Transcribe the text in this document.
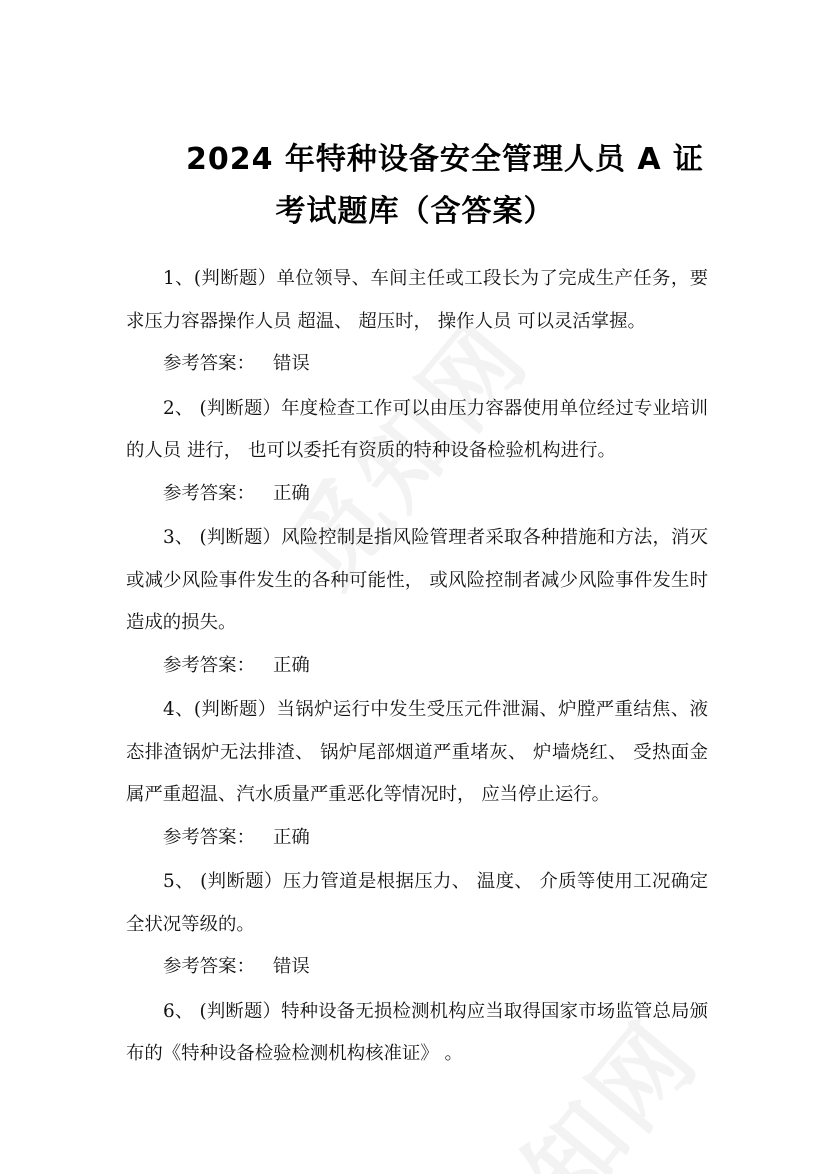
2024 年特种设备安全管理人员 A 证
考试题库（含答案）

1、(判断题）单位领导、车间主任或工段长为了完成生产任务，要求压力容器操作人员 超温、 超压时， 操作人员 可以灵活掌握。

参考答案： 错误

2、 (判断题）年度检查工作可以由压力容器使用单位经过专业培训的人员 进行， 也可以委托有资质的特种设备检验机构进行。

参考答案： 正确

3、 (判断题）风险控制是指风险管理者采取各种措施和方法，消灭或减少风险事件发生的各种可能性， 或风险控制者减少风险事件发生时造成的损失。

参考答案： 正确

4、(判断题）当锅炉运行中发生受压元件泄漏、炉膛严重结焦、液态排渣锅炉无法排渣、 锅炉尾部烟道严重堵灰、 炉墙烧红、 受热面金属严重超温、汽水质量严重恶化等情况时， 应当停止运行。

参考答案： 正确

5、 (判断题）压力管道是根据压力、 温度、 介质等使用工况确定全状况等级的。

参考答案： 错误

6、 (判断题）特种设备无损检测机构应当取得国家市场监管总局颁布的《特种设备检验检测机构核准证》 。
